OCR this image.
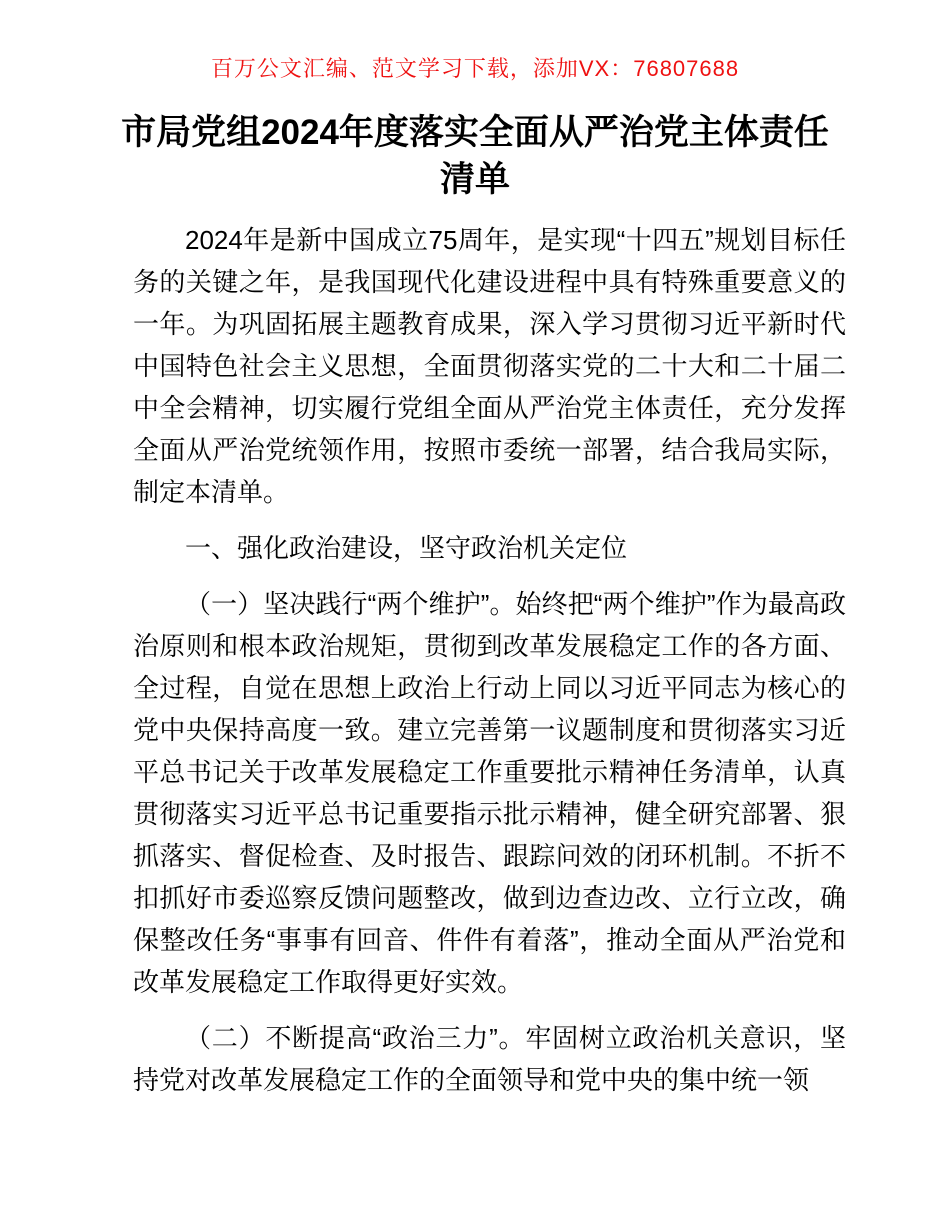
百万公文汇编、范文学习下载，添加VX：76807688
市局党组2024年度落实全面从严治党主体责任清单

2024年是新中国成立75周年，是实现“十四五”规划目标任务的关键之年，是我国现代化建设进程中具有特殊重要意义的一年。为巩固拓展主题教育成果，深入学习贯彻习近平新时代中国特色社会主义思想，全面贯彻落实党的二十大和二十届二中全会精神，切实履行党组全面从严治党主体责任，充分发挥全面从严治党统领作用，按照市委统一部署，结合我局实际，制定本清单。

一、强化政治建设，坚守政治机关定位

（一）坚决践行“两个维护”。始终把“两个维护”作为最高政治原则和根本政治规矩，贯彻到改革发展稳定工作的各方面、全过程，自觉在思想上政治上行动上同以习近平同志为核心的党中央保持高度一致。建立完善第一议题制度和贯彻落实习近平总书记关于改革发展稳定工作重要批示精神任务清单，认真贯彻落实习近平总书记重要指示批示精神，健全研究部署、狠抓落实、督促检查、及时报告、跟踪问效的闭环机制。不折不扣抓好市委巡察反馈问题整改，做到边查边改、立行立改，确保整改任务“事事有回音、件件有着落”，推动全面从严治党和改革发展稳定工作取得更好实效。

（二）不断提高“政治三力”。牢固树立政治机关意识，坚持党对改革发展稳定工作的全面领导和党中央的集中统一领
